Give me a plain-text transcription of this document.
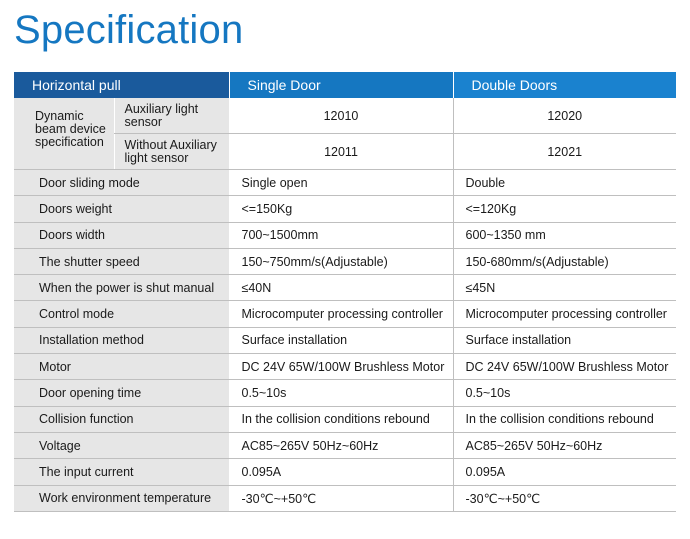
Specification
Horizontal pull		Single Door	Double Doors
Dynamic beam device specification	Auxiliary light sensor	12010	12020
	Without Auxiliary light sensor	12011	12021
Door sliding mode		Single open	Double
Doors weight		<=150Kg	<=120Kg
Doors width		700~1500mm	600~1350 mm
The shutter speed		150~750mm/s(Adjustable)	150-680mm/s(Adjustable)
When the power is shut manual		≤40N	≤45N
Control mode		Microcomputer processing controller	Microcomputer processing controller
Installation method		Surface installation	Surface installation
Motor		DC 24V 65W/100W Brushless Motor	DC 24V 65W/100W Brushless Motor
Door opening time		0.5~10s	0.5~10s
Collision function		In the collision conditions rebound	In the collision conditions rebound
Voltage		AC85~265V 50Hz~60Hz	AC85~265V 50Hz~60Hz
The input current		0.095A	0.095A
Work environment temperature		-30℃~+50℃	-30℃~+50℃
